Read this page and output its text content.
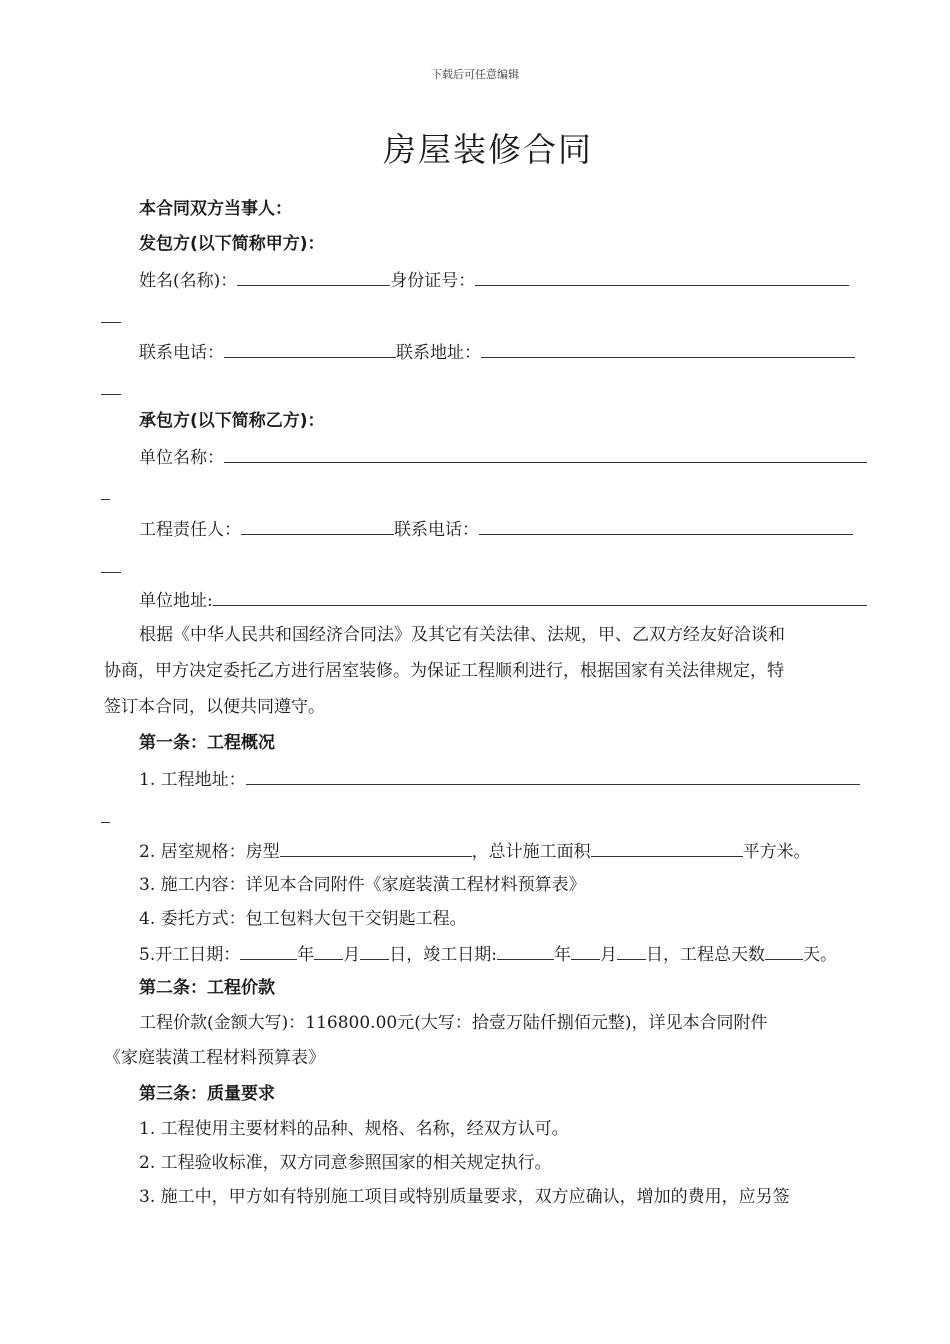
下载后可任意编辑
房屋装修合同
本合同双方当事人：
发包方(以下简称甲方)：
姓名(名称)：	身份证号：
联系电话：	联系地址：
承包方(以下简称乙方)：
单位名称：
工程责任人：	联系电话：
单位地址:
根据《中华人民共和国经济合同法》及其它有关法律、法规，甲、乙双方经友好洽谈和
协商，甲方决定委托乙方进行居室装修。为保证工程顺利进行，根据国家有关法律规定，特
签订本合同，以便共同遵守。
第一条：工程概况
1. 工程地址：
2. 居室规格：房型	，总计施工面积	平方米。
3. 施工内容：详见本合同附件《家庭装潢工程材料预算表》
4. 委托方式：包工包料大包干交钥匙工程。
5.开工日期：	年 月 日，竣工日期:	年 月 日，工程总天数 天。
第二条：工程价款
工程价款(金额大写)：116800.00元(大写：拾壹万陆仟捌佰元整)，详见本合同附件
《家庭装潢工程材料预算表》
第三条：质量要求
1. 工程使用主要材料的品种、规格、名称，经双方认可。
2. 工程验收标准，双方同意参照国家的相关规定执行。
3. 施工中，甲方如有特别施工项目或特别质量要求，双方应确认，增加的费用，应另签
